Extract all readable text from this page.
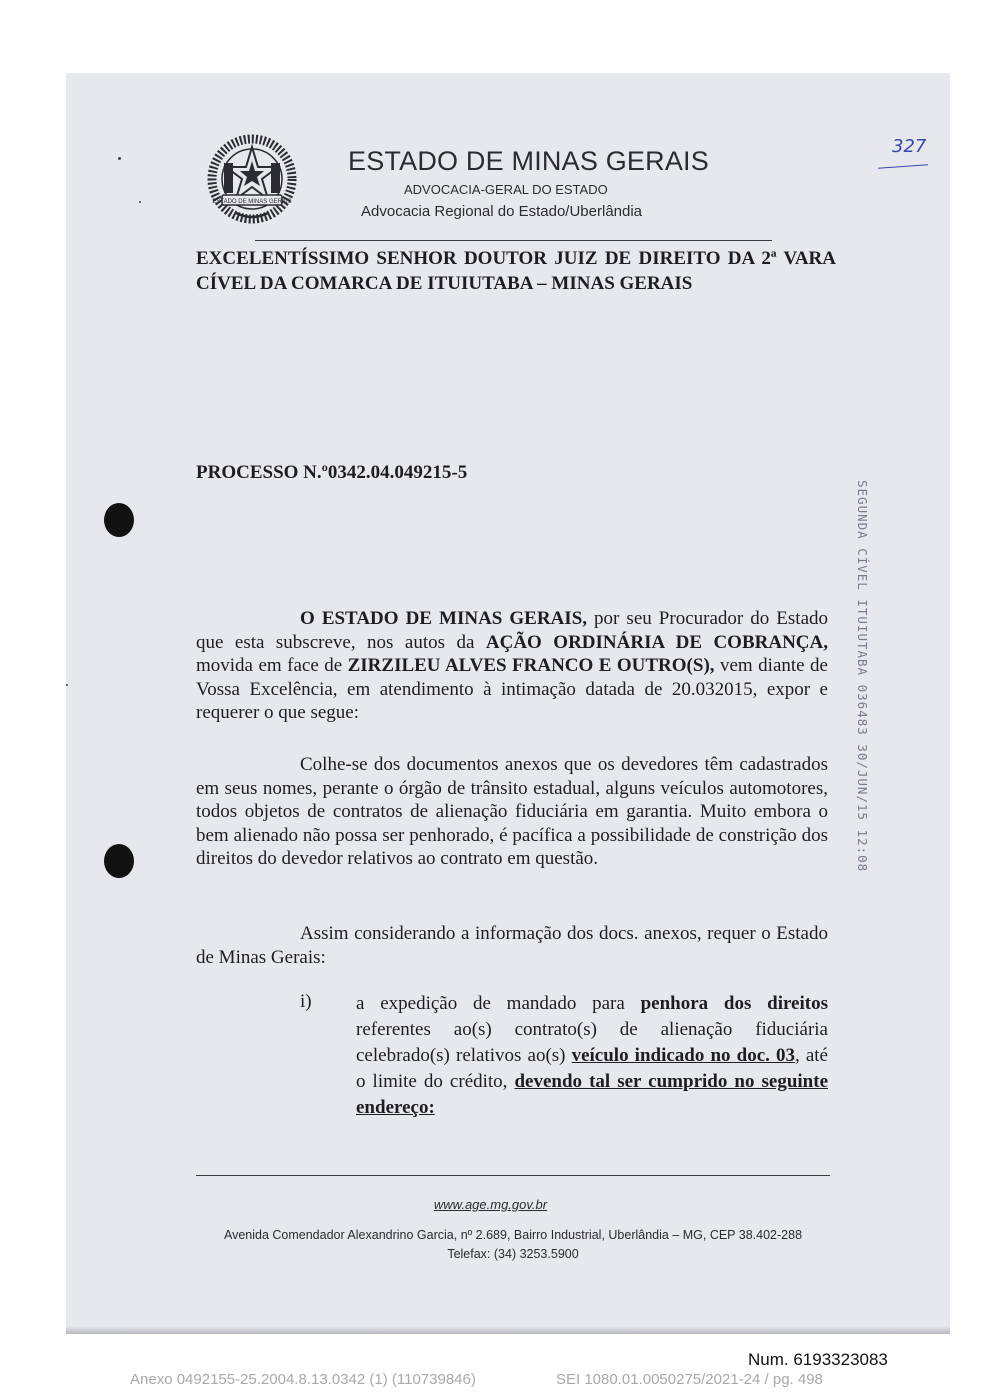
ESTADO DE MINAS GERAIS
ESTADO DE MINAS GERAIS
ADVOCACIA-GERAL DO ESTADO
Advocacia Regional do Estado/Uberlândia
327
EXCELENTÍSSIMO SENHOR DOUTOR JUIZ DE DIREITO DA 2ª VARA CÍVEL DA COMARCA DE ITUIUTABA – MINAS GERAIS
PROCESSO N.º0342.04.049215-5
SEGUNDA CÍVEL ITUIUTABA 036483 30/JUN/15 12:08
O ESTADO DE MINAS GERAIS, por seu Procurador do Estado que esta subscreve, nos autos da AÇÃO ORDINÁRIA DE COBRANÇA, movida em face de ZIRZILEU ALVES FRANCO E OUTRO(S), vem diante de Vossa Excelência, em atendimento à intimação datada de 20.032015, expor e requerer o que segue:
Colhe-se dos documentos anexos que os devedores têm cadastrados em seus nomes, perante o órgão de trânsito estadual, alguns veículos automotores, todos objetos de contratos de alienação fiduciária em garantia. Muito embora o bem alienado não possa ser penhorado, é pacífica a possibilidade de constrição dos direitos do devedor relativos ao contrato em questão.
Assim considerando a informação dos docs. anexos, requer o Estado de Minas Gerais:
i) a expedição de mandado para penhora dos direitos referentes ao(s) contrato(s) de alienação fiduciária celebrado(s) relativos ao(s) veículo indicado no doc. 03, até o limite do crédito, devendo tal ser cumprido no seguinte endereço:
www.age.mg.gov.br
Avenida Comendador Alexandrino Garcia, nº 2.689, Bairro Industrial, Uberlândia – MG, CEP 38.402-288
Telefax: (34) 3253.5900
Num. 6193323083
Anexo 0492155-25.2004.8.13.0342 (1) (110739846)	SEI 1080.01.0050275/2021-24 / pg. 498
